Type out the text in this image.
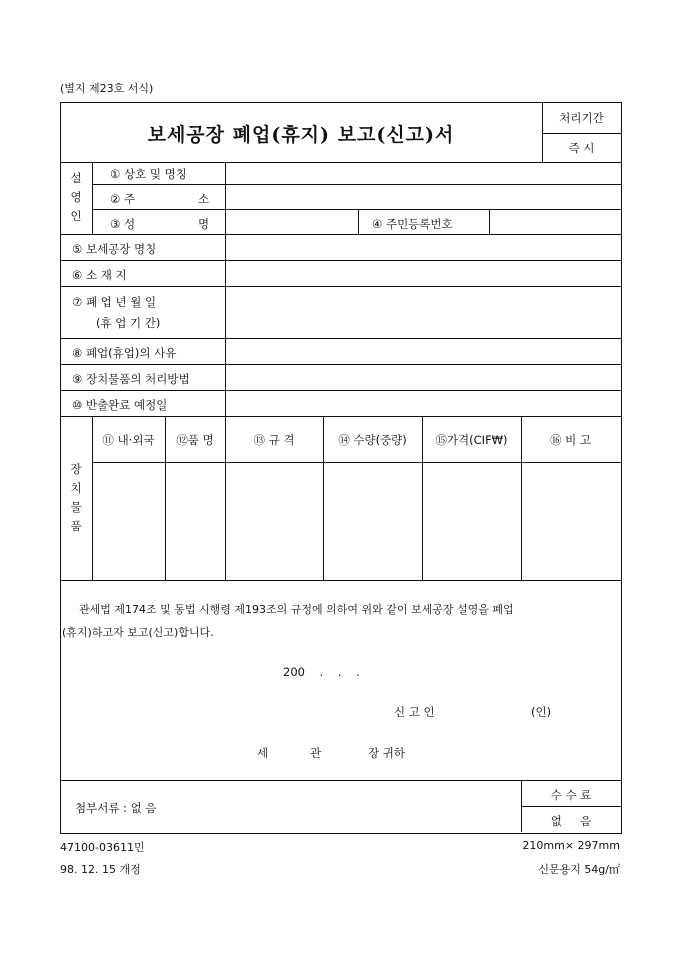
(별지 제23호 서식)
보세공장 폐업(휴지) 보고(신고)서
처리기간
즉 시
설
영
인
① 상호 및 명칭
② 주	소
③ 성	명	④ 주민등록번호
⑤ 보세공장 명칭
⑥ 소 재 지
⑦ 폐 업 년 월 일
(휴 업 기 간)
⑧ 폐업(휴업)의 사유
⑨ 장치물품의 처리방법
⑩ 반출완료 예정일
장
치
물
품
⑪ 내·외국	⑫품 명	⑬ 규 격	⑭ 수량(중량)	⑮가격(CIF₩)	⑯ 비 고
관세법 제174조 및 동법 시행령 제193조의 규정에 의하여 위와 같이 보세공장 설영을 폐업
(휴지)하고자 보고(신고)합니다.
200    .    .    .
신 고 인	(인)
세	관	장 귀하
첨부서류 : 없 음
수 수 료
없     음
47100-03611민
98. 12. 15 개정
210mm× 297mm
신문용지 54g/㎡
